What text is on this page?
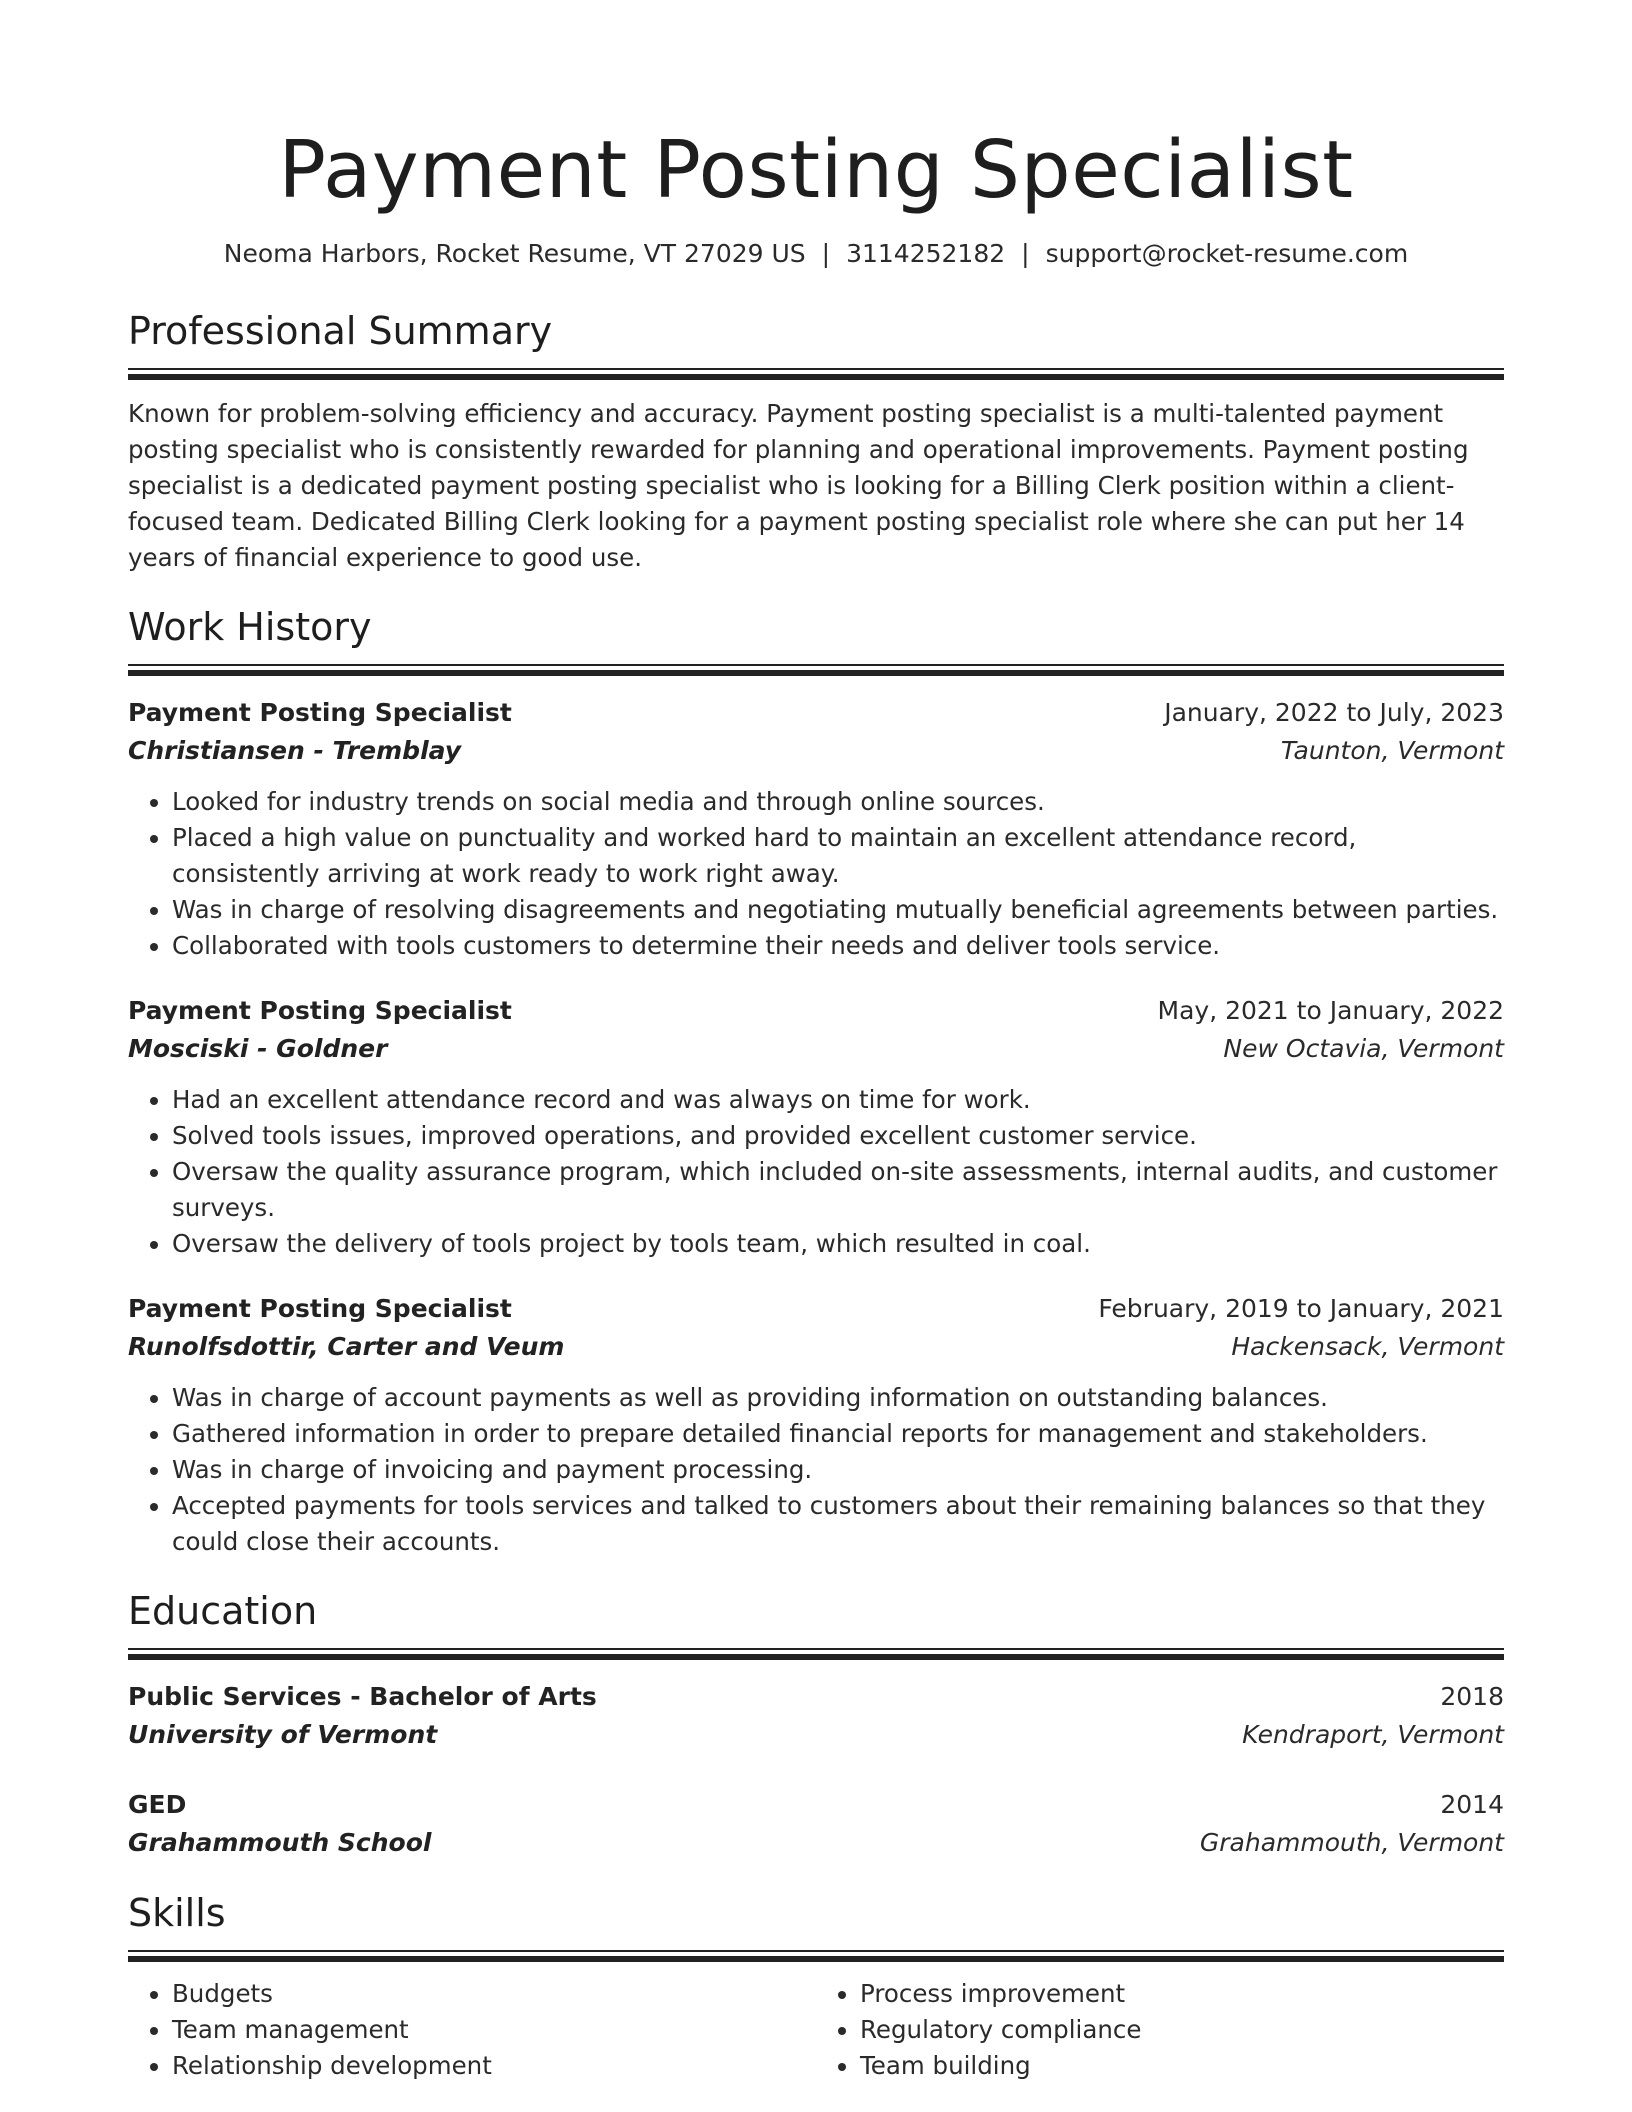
Payment Posting Specialist
Neoma Harbors, Rocket Resume, VT 27029 US | 3114252182 | support@rocket-resume.com
Professional Summary
Known for problem-solving efficiency and accuracy. Payment posting specialist is a multi-talented payment posting specialist who is consistently rewarded for planning and operational improvements. Payment posting specialist is a dedicated payment posting specialist who is looking for a Billing Clerk position within a client-focused team. Dedicated Billing Clerk looking for a payment posting specialist role where she can put her 14 years of financial experience to good use.
Work History
Payment Posting Specialist	January, 2022 to July, 2023
Christiansen - Tremblay	Taunton, Vermont
• Looked for industry trends on social media and through online sources.
• Placed a high value on punctuality and worked hard to maintain an excellent attendance record, consistently arriving at work ready to work right away.
• Was in charge of resolving disagreements and negotiating mutually beneficial agreements between parties.
• Collaborated with tools customers to determine their needs and deliver tools service.
Payment Posting Specialist	May, 2021 to January, 2022
Mosciski - Goldner	New Octavia, Vermont
• Had an excellent attendance record and was always on time for work.
• Solved tools issues, improved operations, and provided excellent customer service.
• Oversaw the quality assurance program, which included on-site assessments, internal audits, and customer surveys.
• Oversaw the delivery of tools project by tools team, which resulted in coal.
Payment Posting Specialist	February, 2019 to January, 2021
Runolfsdottir, Carter and Veum	Hackensack, Vermont
• Was in charge of account payments as well as providing information on outstanding balances.
• Gathered information in order to prepare detailed financial reports for management and stakeholders.
• Was in charge of invoicing and payment processing.
• Accepted payments for tools services and talked to customers about their remaining balances so that they could close their accounts.
Education
Public Services - Bachelor of Arts	2018
University of Vermont	Kendraport, Vermont
GED	2014
Grahammouth School	Grahammouth, Vermont
Skills
• Budgets
• Team management
• Relationship development
• Process improvement
• Regulatory compliance
• Team building
